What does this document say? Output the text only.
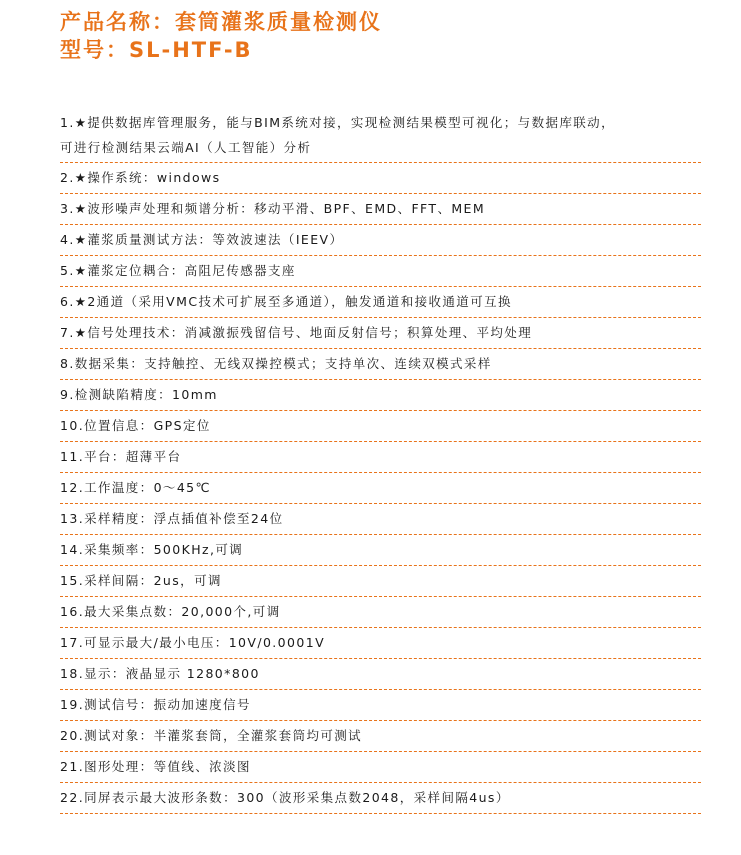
产品名称：套筒灌浆质量检测仪
型号：SL-HTF-B
1.★提供数据库管理服务，能与BIM系统对接，实现检测结果模型可视化；与数据库联动，
可进行检测结果云端AI（人工智能）分析
2.★操作系统：windows
3.★波形噪声处理和频谱分析：移动平滑、BPF、EMD、FFT、MEM
4.★灌浆质量测试方法：等效波速法（IEEV）
5.★灌浆定位耦合：高阻尼传感器支座
6.★2通道（采用VMC技术可扩展至多通道），触发通道和接收通道可互换
7.★信号处理技术：消减激振残留信号、地面反射信号；积算处理、平均处理
8.数据采集：支持触控、无线双操控模式；支持单次、连续双模式采样
9.检测缺陷精度：10mm
10.位置信息：GPS定位
11.平台：超薄平台
12.工作温度：0～45℃
13.采样精度：浮点插值补偿至24位
14.采集频率：500KHz,可调
15.采样间隔：2us，可调
16.最大采集点数：20,000个,可调
17.可显示最大/最小电压：10V/0.0001V
18.显示：液晶显示 1280*800
19.测试信号：振动加速度信号
20.测试对象：半灌浆套筒，全灌浆套筒均可测试
21.图形处理：等值线、浓淡图
22.同屏表示最大波形条数：300（波形采集点数2048，采样间隔4us）
